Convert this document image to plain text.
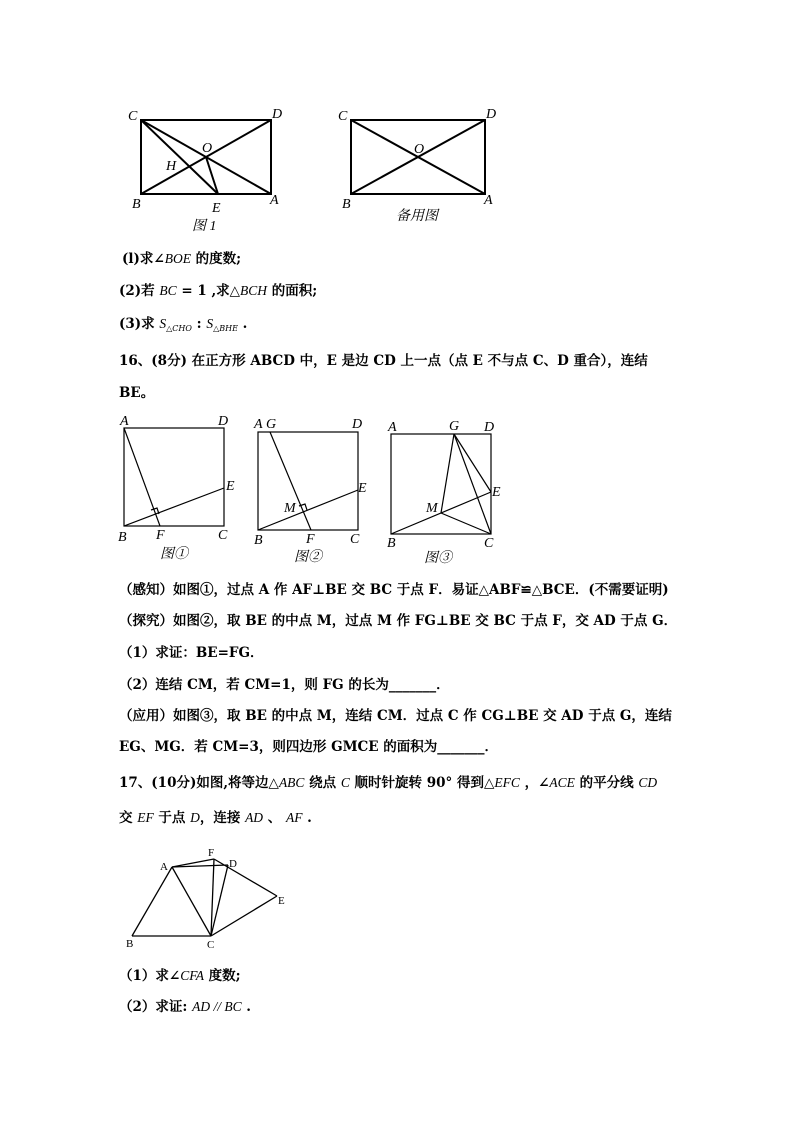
C	D
O
H
B	E
A
图 1
C	D
O
B	A
备用图
(l)求∠BOE 的度数;
(2)若 BC = 1 ,求△BCH 的面积;
(3)求 $S_{\triangle CHO}$ : $S_{\triangle BHE}$ .
16、(8分) 在正方形 ABCD 中，E 是边 CD 上一点（点 E 不与点 C、D 重合），连结
BE。
A	D
E
B F	C
图①
A G	D
E
M
B	F	C
图②
A	G D
E
M
B	C
图③
（感知）如图①，过点 A 作 AF⊥BE 交 BC 于点 F．易证△ABF≌△BCE．(不需要证明)
（探究）如图②，取 BE 的中点 M，过点 M 作 FG⊥BE 交 BC 于点 F，交 AD 于点 G．
（1）求证：BE=FG．
（2）连结 CM，若 CM=1，则 FG 的长为_______．
（应用）如图③，取 BE 的中点 M，连结 CM．过点 C 作 CG⊥BE 交 AD 于点 G，连结
EG、MG．若 CM=3，则四边形 GMCE 的面积为_______．
17、(10分)如图,将等边△ABC 绕点 C 顺时针旋转 90° 得到△EFC ，∠ACE 的平分线 CD
交 EF 于点 D，连接 AD 、 AF .
A
F
D
E
B	C
（1）求∠CFA 度数;
（2）求证: AD // BC .
